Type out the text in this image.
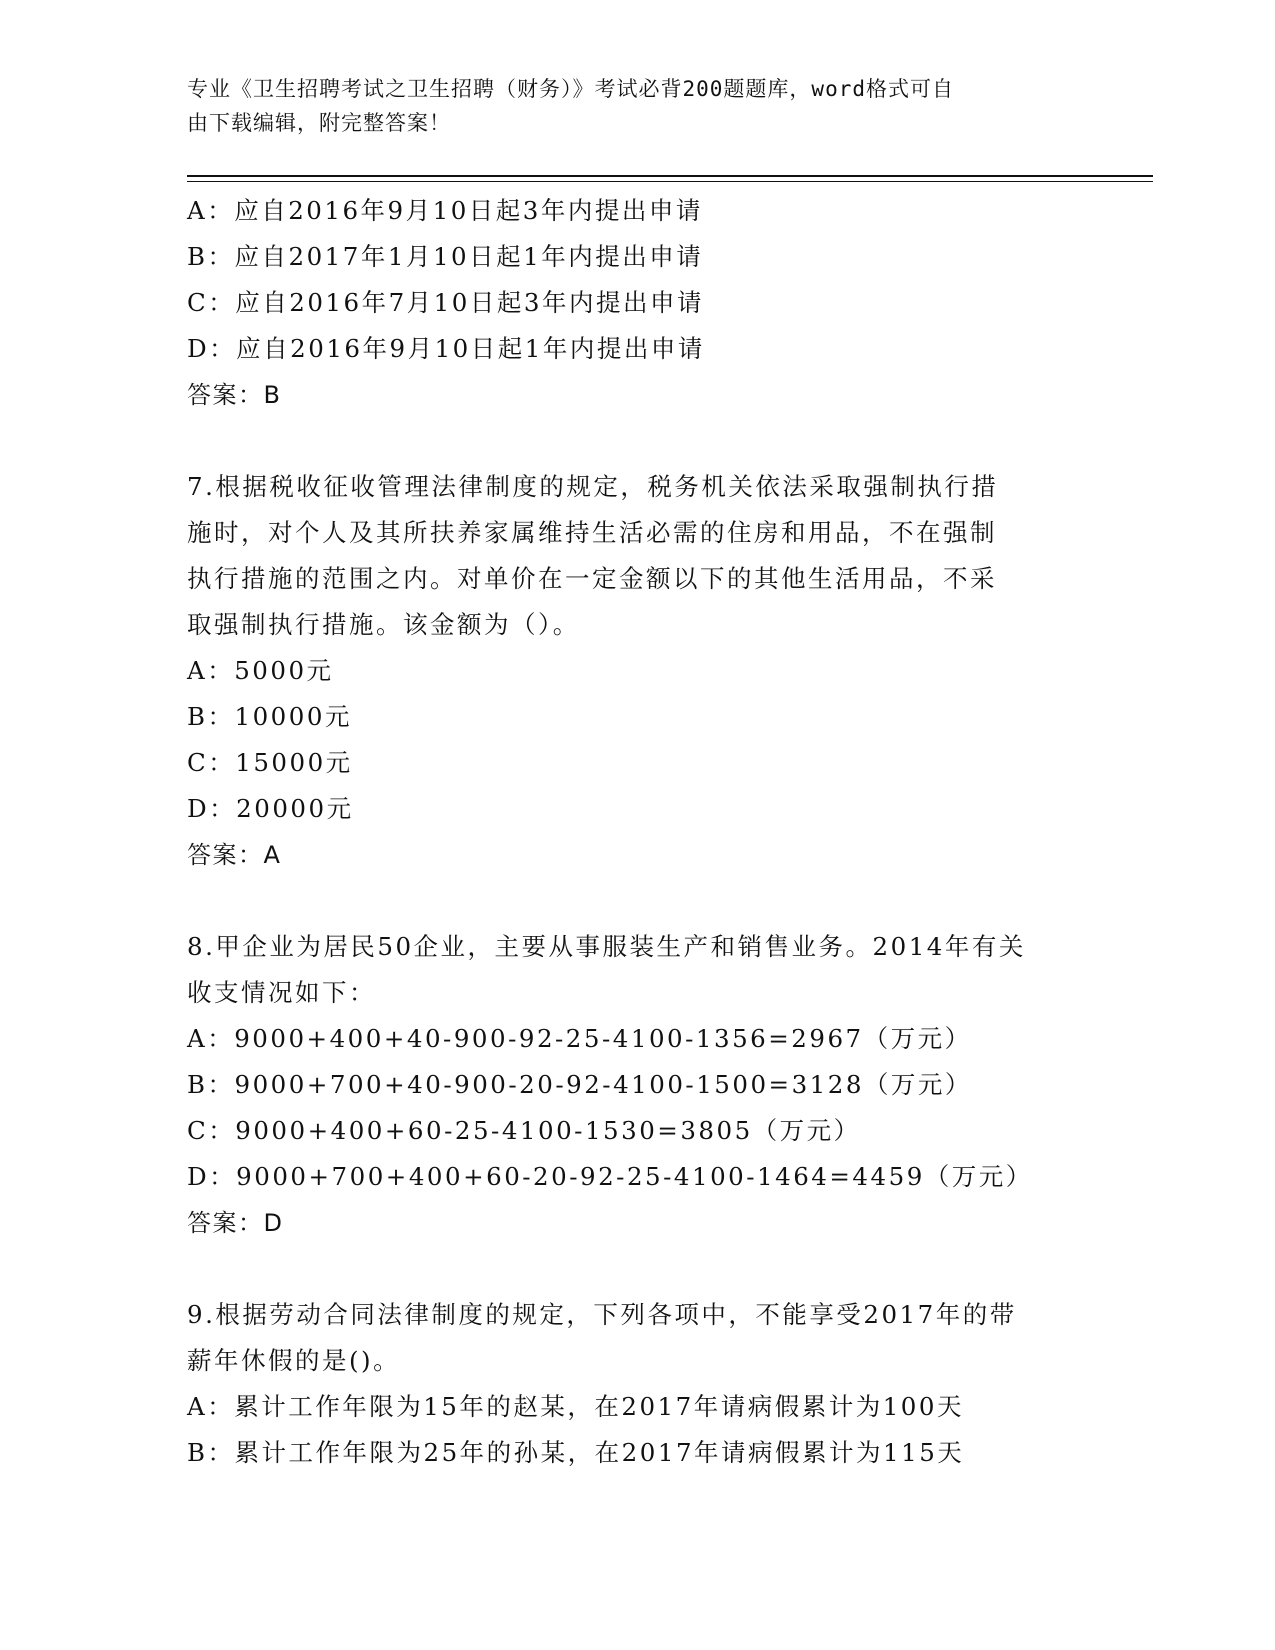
专业《卫生招聘考试之卫生招聘（财务）》考试必背200题题库，word格式可自
由下载编辑，附完整答案！

A：应自2016年9月10日起3年内提出申请

B：应自2017年1月10日起1年内提出申请

C：应自2016年7月10日起3年内提出申请

D：应自2016年9月10日起1年内提出申请

答案：B

7.根据税收征收管理法律制度的规定，税务机关依法采取强制执行措

施时，对个人及其所扶养家属维持生活必需的住房和用品，不在强制

执行措施的范围之内。对单价在一定金额以下的其他生活用品，不采

取强制执行措施。该金额为（）。

A：5000元

B：10000元

C：15000元

D：20000元

答案：A

8.甲企业为居民50企业，主要从事服装生产和销售业务。2014年有关

收支情况如下：

A：9000+400+40-900-92-25-4100-1356=2967（万元）

B：9000+700+40-900-20-92-4100-1500=3128（万元）

C：9000+400+60-25-4100-1530=3805（万元）

D：9000+700+400+60-20-92-25-4100-1464=4459（万元）

答案：D

9.根据劳动合同法律制度的规定，下列各项中，不能享受2017年的带

薪年休假的是()。

A：累计工作年限为15年的赵某，在2017年请病假累计为100天

B：累计工作年限为25年的孙某，在2017年请病假累计为115天
